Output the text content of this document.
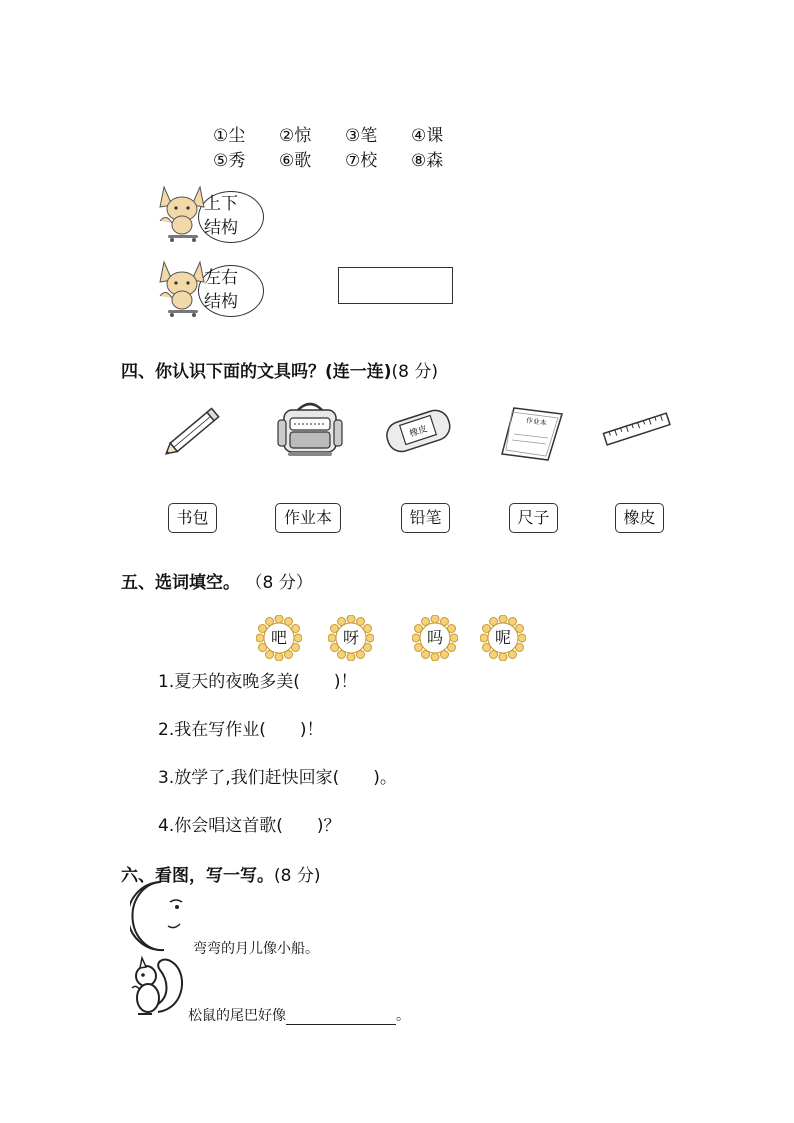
①尘 ②惊 ③笔 ④课
⑤秀 ⑥歌 ⑦校 ⑧森
上下
结构
左右
结构
四、你认识下面的文具吗？(连一连)(8 分)
橡皮
作业本
书包	作业本	铅笔	尺子	橡皮
五、选词填空。 （8 分）
吧	呀	吗	呢
1.夏天的夜晚多美(　　)！
2.我在写作业(　　)！
3.放学了,我们赶快回家(　　)。
4.你会唱这首歌(　　)？
六、看图，写一写。(8 分)
弯弯的月儿像小船。
松鼠的尾巴好像	。
